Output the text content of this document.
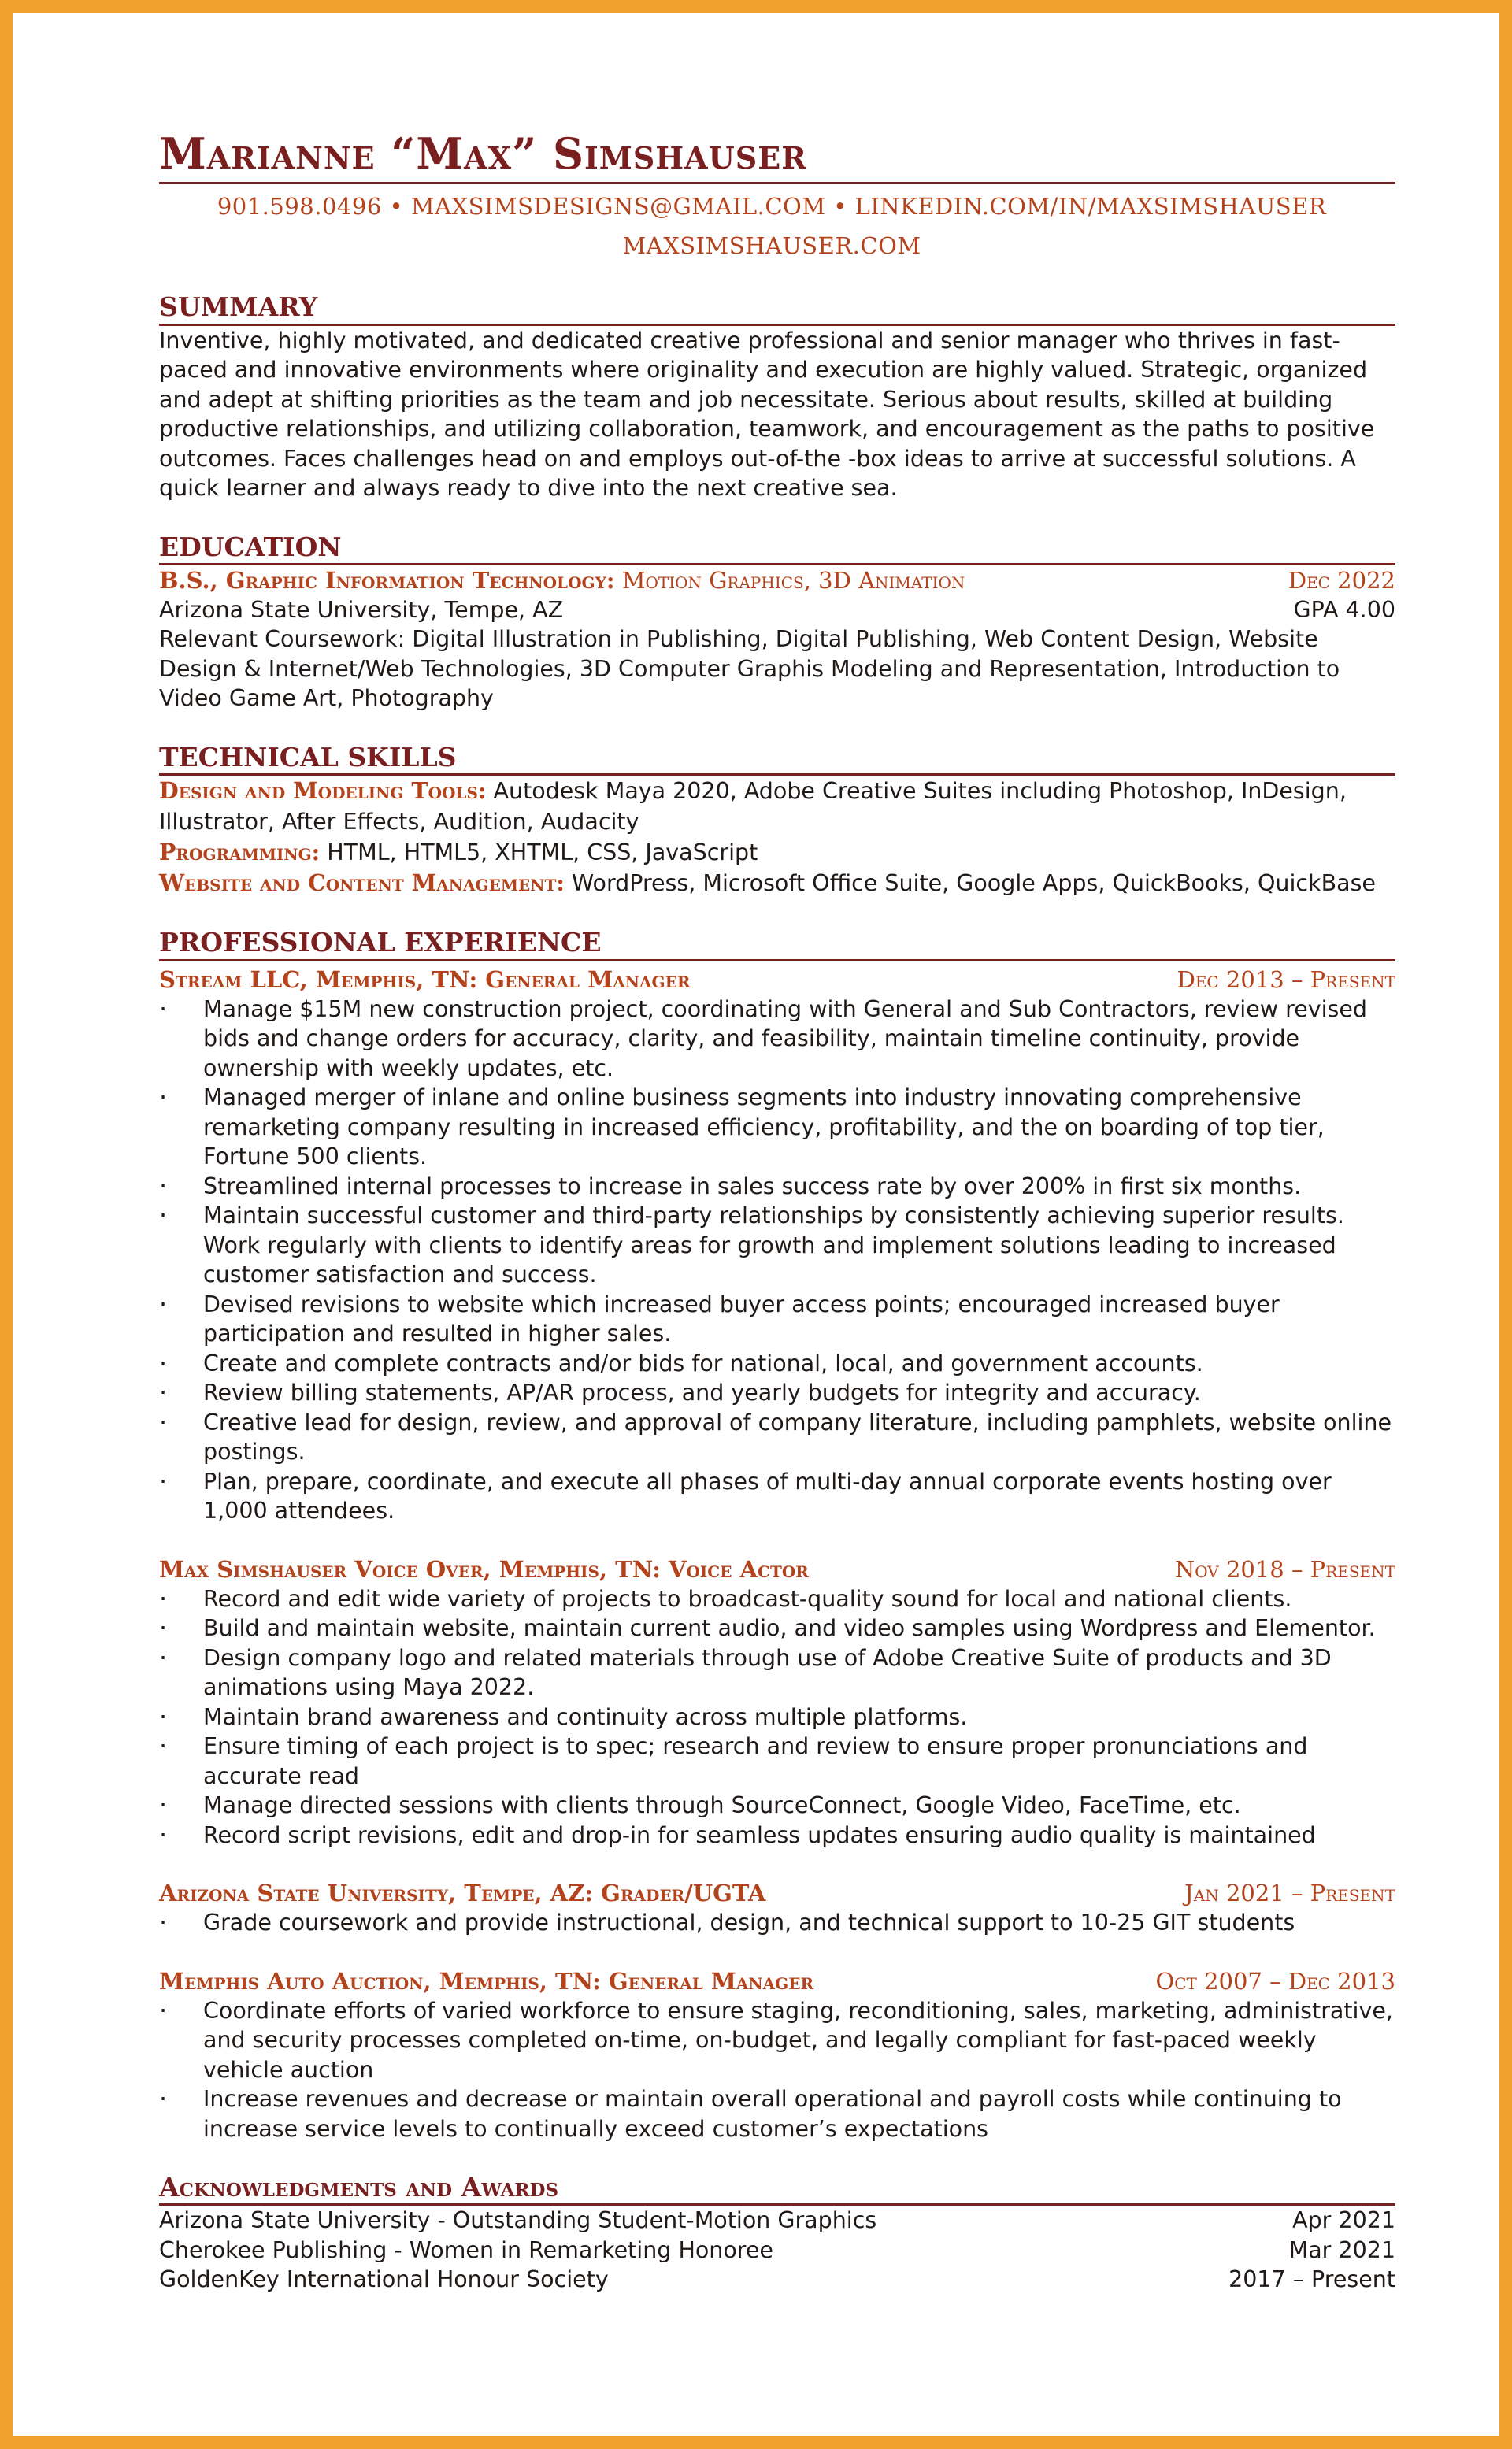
Marianne “Max” Simshauser
901.598.0496 • MAXSIMSDESIGNS@GMAIL.COM • LINKEDIN.COM/IN/MAXSIMSHAUSER
MAXSIMSHAUSER.COM
SUMMARY
Inventive, highly motivated, and dedicated creative professional and senior manager who thrives in fast-paced and innovative environments where originality and execution are highly valued. Strategic, organized and adept at shifting priorities as the team and job necessitate. Serious about results, skilled at building productive relationships, and utilizing collaboration, teamwork, and encouragement as the paths to positive outcomes. Faces challenges head on and employs out-of-the -box ideas to arrive at successful solutions. A quick learner and always ready to dive into the next creative sea.
EDUCATION
B.S., Graphic Information Technology: Motion Graphics, 3D Animation	Dec 2022
Arizona State University, Tempe, AZ	GPA 4.00
Relevant Coursework: Digital Illustration in Publishing, Digital Publishing, Web Content Design, Website Design & Internet/Web Technologies, 3D Computer Graphis Modeling and Representation, Introduction to Video Game Art, Photography
TECHNICAL SKILLS
Design and Modeling Tools: Autodesk Maya 2020, Adobe Creative Suites including Photoshop, InDesign, Illustrator, After Effects, Audition, Audacity
Programming: HTML, HTML5, XHTML, CSS, JavaScript
Website and Content Management: WordPress, Microsoft Office Suite, Google Apps, QuickBooks, QuickBase
PROFESSIONAL EXPERIENCE
Stream LLC, Memphis, TN: General Manager	Dec 2013 – Present
· Manage $15M new construction project, coordinating with General and Sub Contractors, review revised bids and change orders for accuracy, clarity, and feasibility, maintain timeline continuity, provide ownership with weekly updates, etc.
· Managed merger of inlane and online business segments into industry innovating comprehensive remarketing company resulting in increased efficiency, profitability, and the on boarding of top tier, Fortune 500 clients.
· Streamlined internal processes to increase in sales success rate by over 200% in first six months.
· Maintain successful customer and third-party relationships by consistently achieving superior results. Work regularly with clients to identify areas for growth and implement solutions leading to increased customer satisfaction and success.
· Devised revisions to website which increased buyer access points; encouraged increased buyer participation and resulted in higher sales.
· Create and complete contracts and/or bids for national, local, and government accounts.
· Review billing statements, AP/AR process, and yearly budgets for integrity and accuracy.
· Creative lead for design, review, and approval of company literature, including pamphlets, website online postings.
· Plan, prepare, coordinate, and execute all phases of multi-day annual corporate events hosting over 1,000 attendees.
Max Simshauser Voice Over, Memphis, TN: Voice Actor	Nov 2018 – Present
· Record and edit wide variety of projects to broadcast-quality sound for local and national clients.
· Build and maintain website, maintain current audio, and video samples using Wordpress and Elementor.
· Design company logo and related materials through use of Adobe Creative Suite of products and 3D animations using Maya 2022.
· Maintain brand awareness and continuity across multiple platforms.
· Ensure timing of each project is to spec; research and review to ensure proper pronunciations and accurate read
· Manage directed sessions with clients through SourceConnect, Google Video, FaceTime, etc.
· Record script revisions, edit and drop-in for seamless updates ensuring audio quality is maintained
Arizona State University, Tempe, AZ: Grader/UGTA	Jan 2021 – Present
· Grade coursework and provide instructional, design, and technical support to 10-25 GIT students
Memphis Auto Auction, Memphis, TN: General Manager	Oct 2007 – Dec 2013
· Coordinate efforts of varied workforce to ensure staging, reconditioning, sales, marketing, administrative, and security processes completed on-time, on-budget, and legally compliant for fast-paced weekly vehicle auction
· Increase revenues and decrease or maintain overall operational and payroll costs while continuing to increase service levels to continually exceed customer’s expectations
Acknowledgments and Awards
Arizona State University - Outstanding Student-Motion Graphics	Apr 2021
Cherokee Publishing - Women in Remarketing Honoree	Mar 2021
GoldenKey International Honour Society	2017 – Present
